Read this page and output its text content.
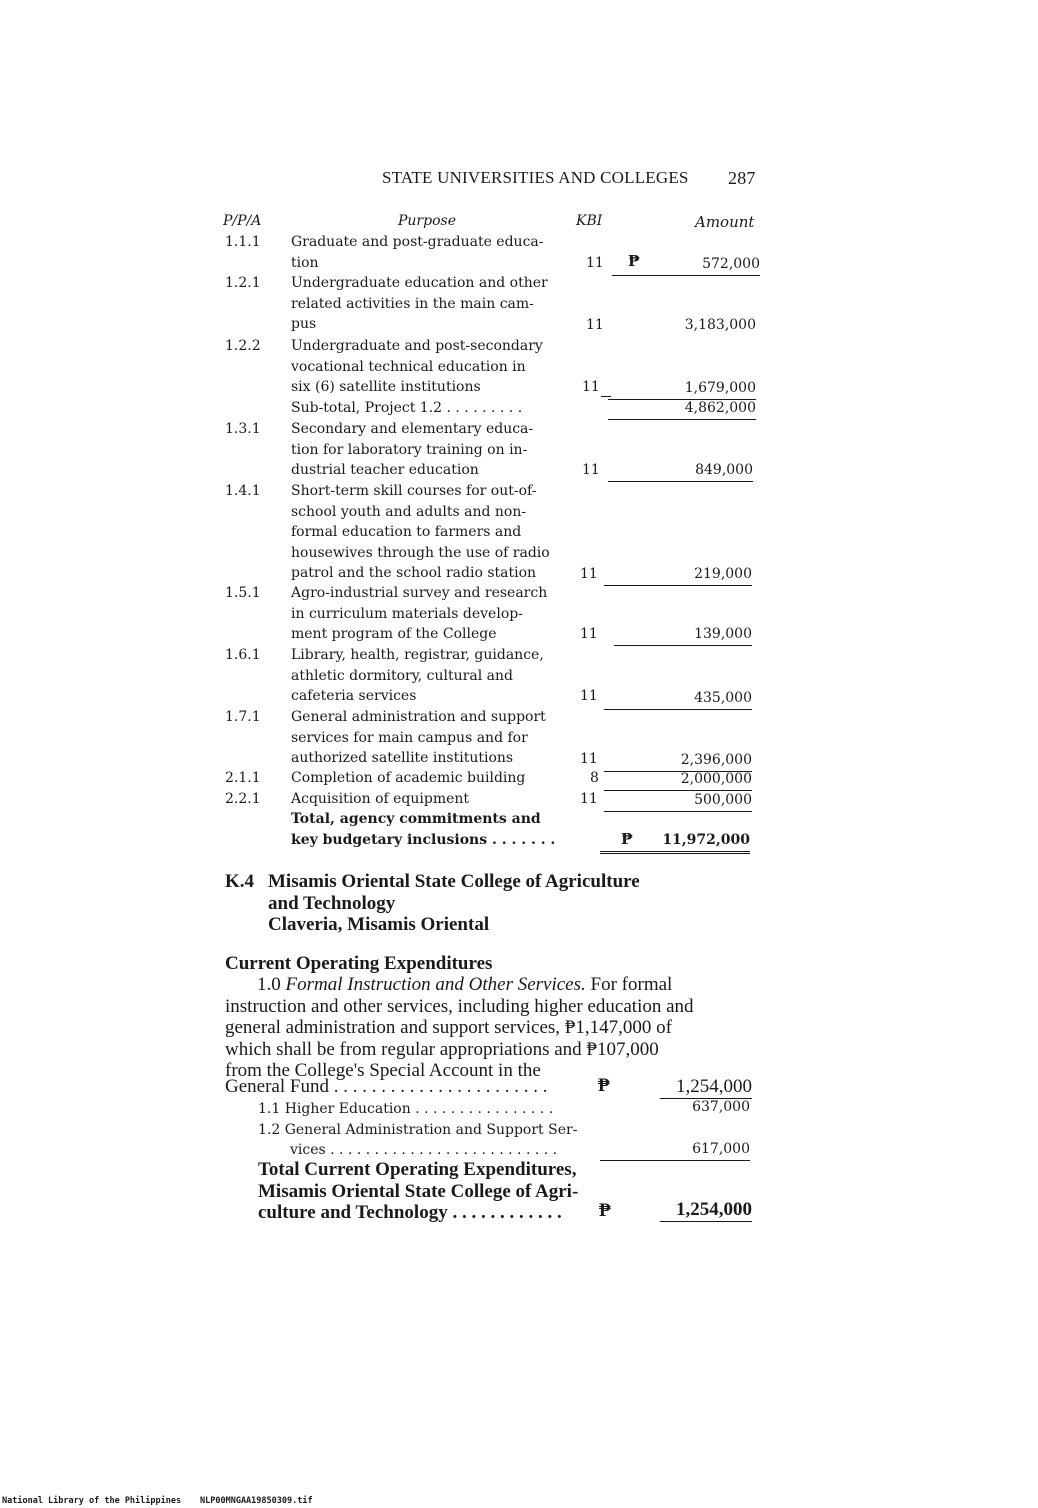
STATE UNIVERSITIES AND COLLEGES 287
P/P/A	Purpose	KBI	Amount
1.1.1 Graduate and post-graduate educa-
tion	11 ₱	572,000
1.2.1 Undergraduate education and other
related activities in the main cam-
pus	11	3,183,000
1.2.2 Undergraduate and post-secondary
vocational technical education in
six (6) satellite institutions	11	1,679,000
Sub-total, Project 1.2 . . . . . . . . .	4,862,000
1.3.1 Secondary and elementary educa-
tion for laboratory training on in-
dustrial teacher education	11	849,000
1.4.1 Short-term skill courses for out-of-
school youth and adults and non-
formal education to farmers and
housewives through the use of radio
patrol and the school radio station	11	219,000
1.5.1 Agro-industrial survey and research
in curriculum materials develop-
ment program of the College	11	139,000
1.6.1 Library, health, registrar, guidance,
athletic dormitory, cultural and
cafeteria services	11	435,000
1.7.1 General administration and support
services for main campus and for
authorized satellite institutions	11	2,396,000
2.1.1 Completion of academic building	8	2,000,000
2.2.1 Acquisition of equipment	11	500,000
Total, agency commitments and
key budgetary inclusions . . . . . . .	₱	11,972,000
K.4 Misamis Oriental State College of Agriculture
and Technology
Claveria, Misamis Oriental
Current Operating Expenditures
1.0 Formal Instruction and Other Services. For formal
instruction and other services, including higher education and
general administration and support services, ₱1,147,000 of
which shall be from regular appropriations and ₱107,000
from the College's Special Account in the
General Fund . . . . . . . . . . . . . . . . . . . . . . .	₱	1,254,000
1.1 Higher Education . . . . . . . . . . . . . . . .	637,000
1.2 General Administration and Support Ser-
vices . . . . . . . . . . . . . . . . . . . . . . . . . .	617,000
Total Current Operating Expenditures,
Misamis Oriental State College of Agri-
culture and Technology . . . . . . . . . . . .	₱	1,254,000
National Library of the Philippines NLP00MNGAA19850309.tif
